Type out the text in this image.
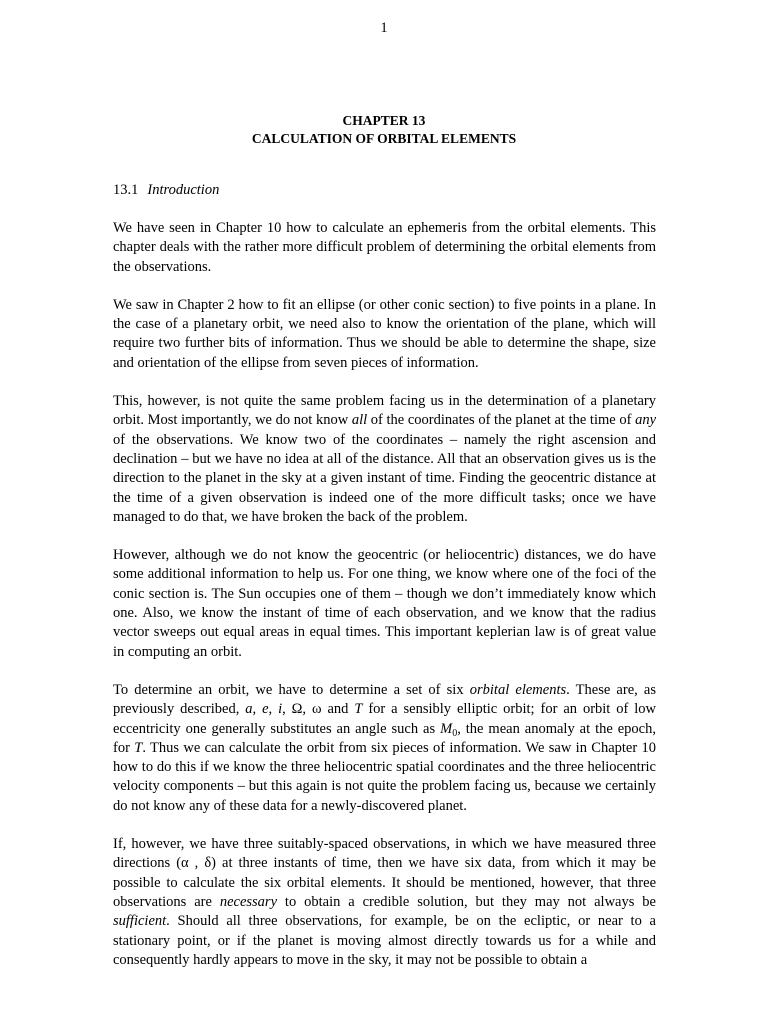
1
CHAPTER 13
CALCULATION OF ORBITAL ELEMENTS
13.1 Introduction

We have seen in Chapter 10 how to calculate an ephemeris from the orbital elements. This chapter deals with the rather more difficult problem of determining the orbital elements from the observations.

We saw in Chapter 2 how to fit an ellipse (or other conic section) to five points in a plane. In the case of a planetary orbit, we need also to know the orientation of the plane, which will require two further bits of information. Thus we should be able to determine the shape, size and orientation of the ellipse from seven pieces of information.

This, however, is not quite the same problem facing us in the determination of a planetary orbit. Most importantly, we do not know all of the coordinates of the planet at the time of any of the observations. We know two of the coordinates – namely the right ascension and declination – but we have no idea at all of the distance. All that an observation gives us is the direction to the planet in the sky at a given instant of time. Finding the geocentric distance at the time of a given observation is indeed one of the more difficult tasks; once we have managed to do that, we have broken the back of the problem.

However, although we do not know the geocentric (or heliocentric) distances, we do have some additional information to help us. For one thing, we know where one of the foci of the conic section is. The Sun occupies one of them – though we don’t immediately know which one. Also, we know the instant of time of each observation, and we know that the radius vector sweeps out equal areas in equal times. This important keplerian law is of great value in computing an orbit.

To determine an orbit, we have to determine a set of six orbital elements. These are, as previously described, a, e, i, Ω, ω and T for a sensibly elliptic orbit; for an orbit of low eccentricity one generally substitutes an angle such as $M_0$, the mean anomaly at the epoch, for T. Thus we can calculate the orbit from six pieces of information. We saw in Chapter 10 how to do this if we know the three heliocentric spatial coordinates and the three heliocentric velocity components – but this again is not quite the problem facing us, because we certainly do not know any of these data for a newly-discovered planet.

If, however, we have three suitably-spaced observations, in which we have measured three directions (α , δ) at three instants of time, then we have six data, from which it may be possible to calculate the six orbital elements. It should be mentioned, however, that three observations are necessary to obtain a credible solution, but they may not always be sufficient. Should all three observations, for example, be on the ecliptic, or near to a stationary point, or if the planet is moving almost directly towards us for a while and consequently hardly appears to move in the sky, it may not be possible to obtain a
